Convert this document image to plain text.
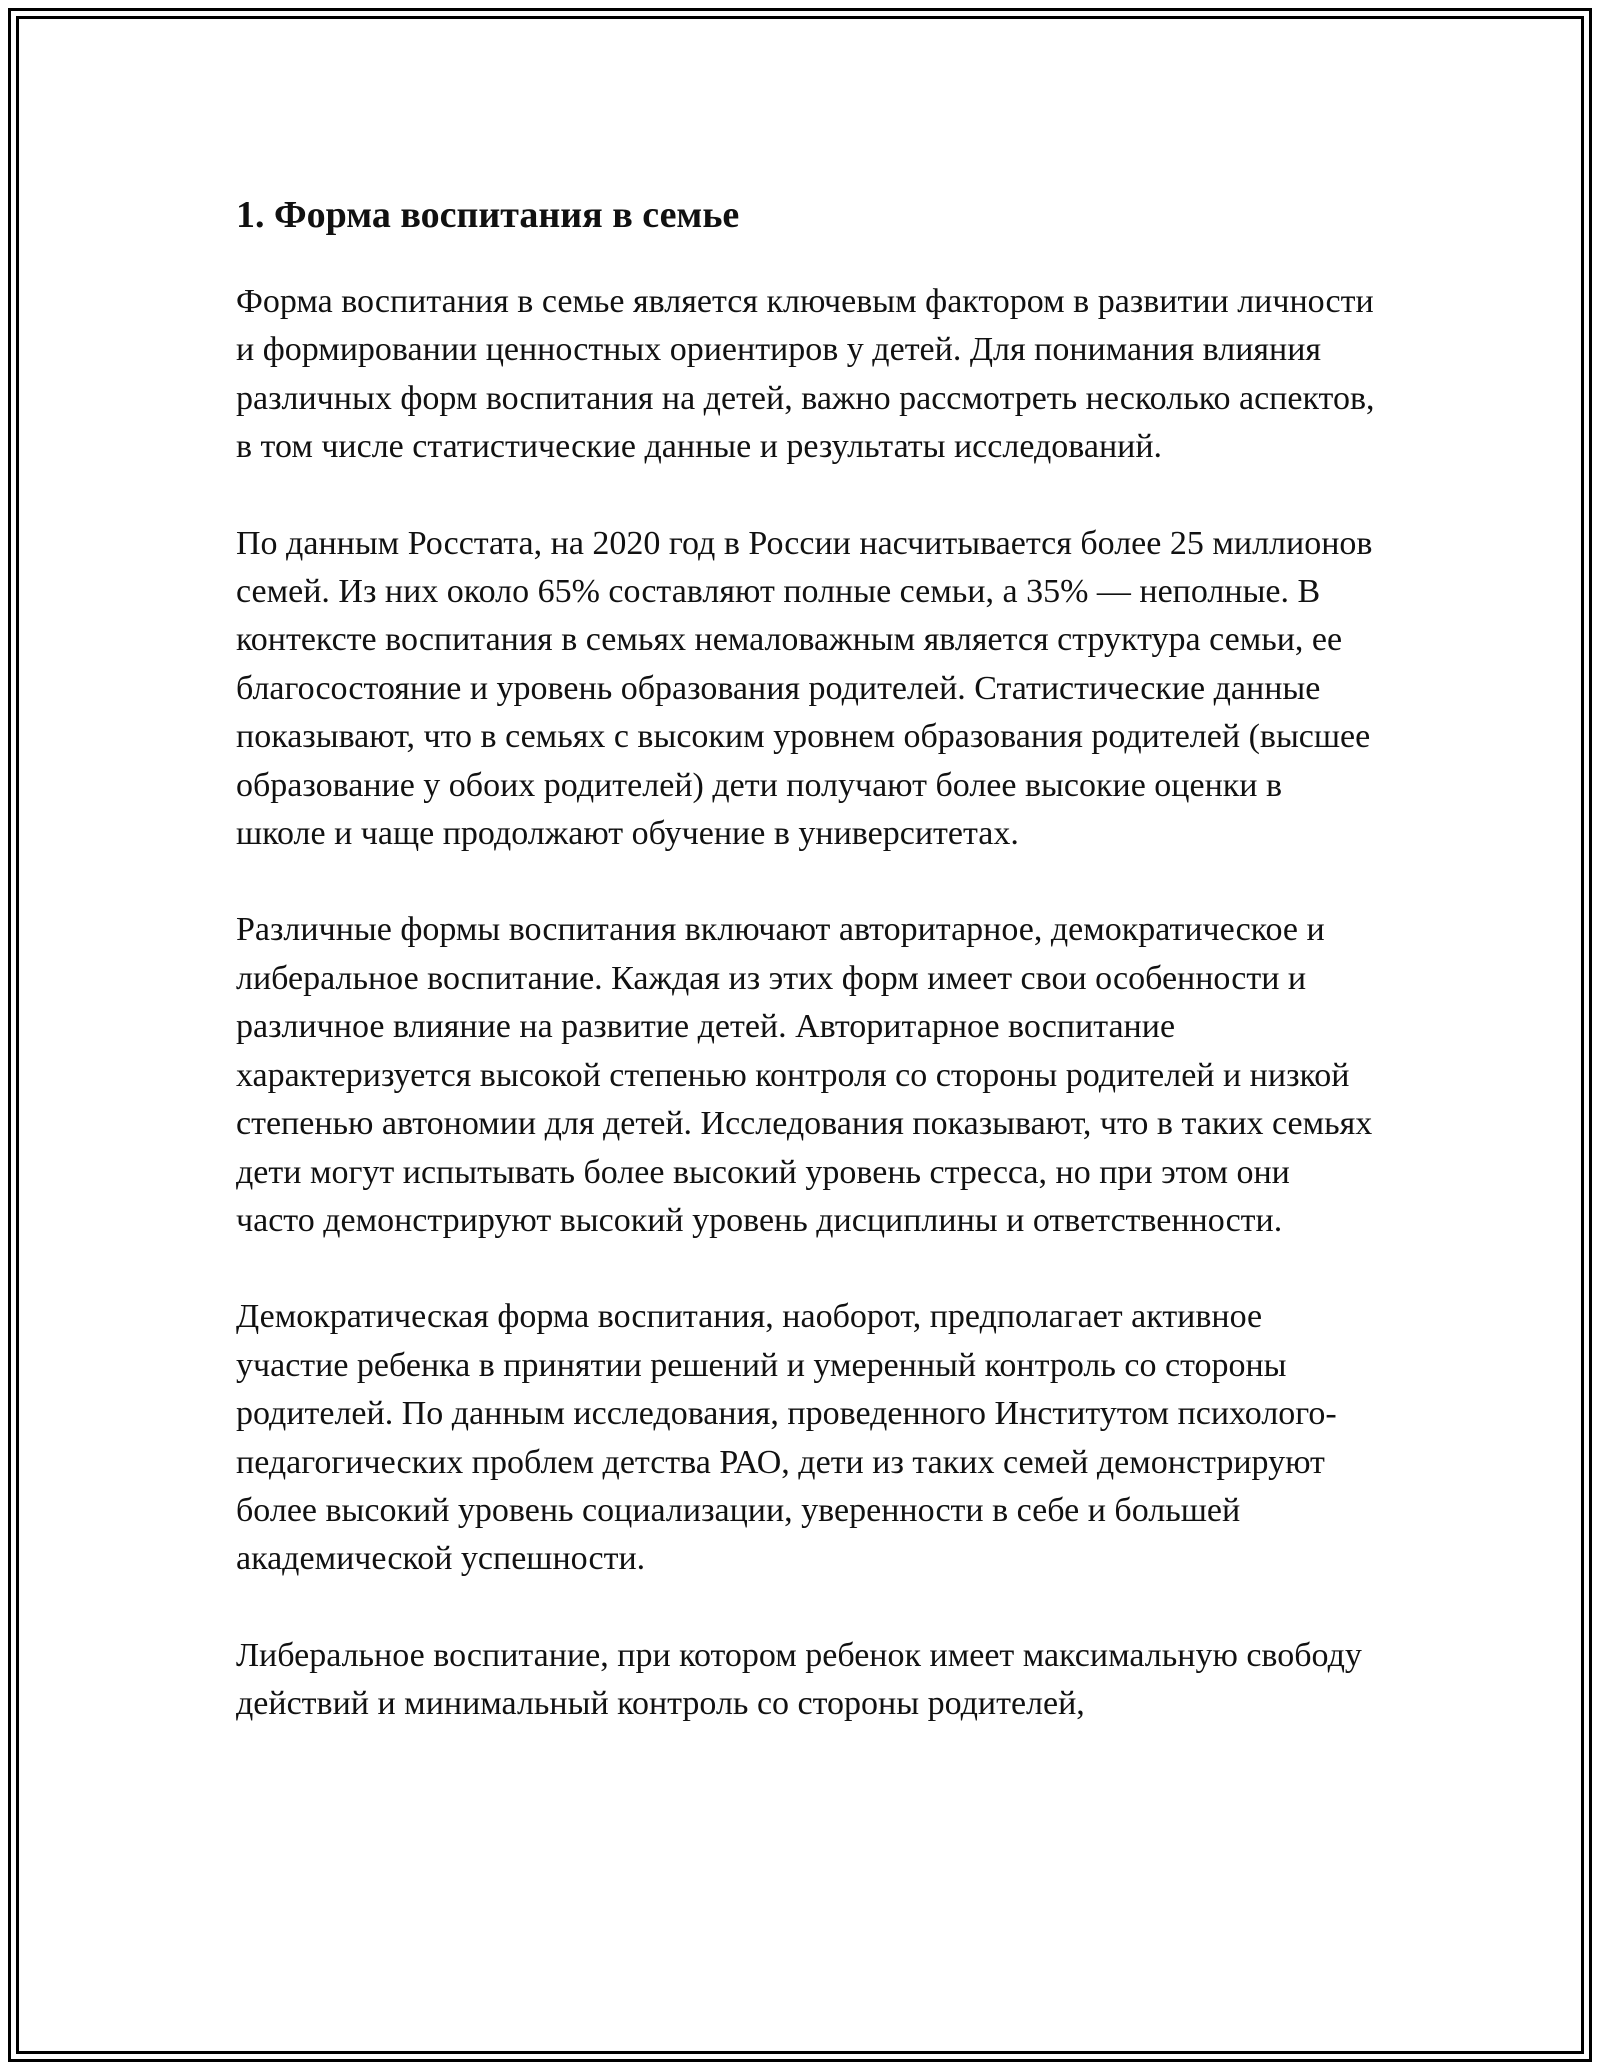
1. Форма воспитания в семье

Форма воспитания в семье является ключевым фактором в развитии личности и формировании ценностных ориентиров у детей. Для понимания влияния различных форм воспитания на детей, важно рассмотреть несколько аспектов, в том числе статистические данные и результаты исследований.

По данным Росстата, на 2020 год в России насчитывается более 25 миллионов семей. Из них около 65% составляют полные семьи, а 35% — неполные. В контексте воспитания в семьях немаловажным является структура семьи, ее благосостояние и уровень образования родителей. Статистические данные показывают, что в семьях с высоким уровнем образования родителей (высшее образование у обоих родителей) дети получают более высокие оценки в школе и чаще продолжают обучение в университетах.

Различные формы воспитания включают авторитарное, демократическое и либеральное воспитание. Каждая из этих форм имеет свои особенности и различное влияние на развитие детей. Авторитарное воспитание характеризуется высокой степенью контроля со стороны родителей и низкой степенью автономии для детей. Исследования показывают, что в таких семьях дети могут испытывать более высокий уровень стресса, но при этом они часто демонстрируют высокий уровень дисциплины и ответственности.

Демократическая форма воспитания, наоборот, предполагает активное участие ребенка в принятии решений и умеренный контроль со стороны родителей. По данным исследования, проведенного Институтом психолого-педагогических проблем детства РАО, дети из таких семей демонстрируют более высокий уровень социализации, уверенности в себе и большей академической успешности.

Либеральное воспитание, при котором ребенок имеет максимальную свободу действий и минимальный контроль со стороны родителей,
